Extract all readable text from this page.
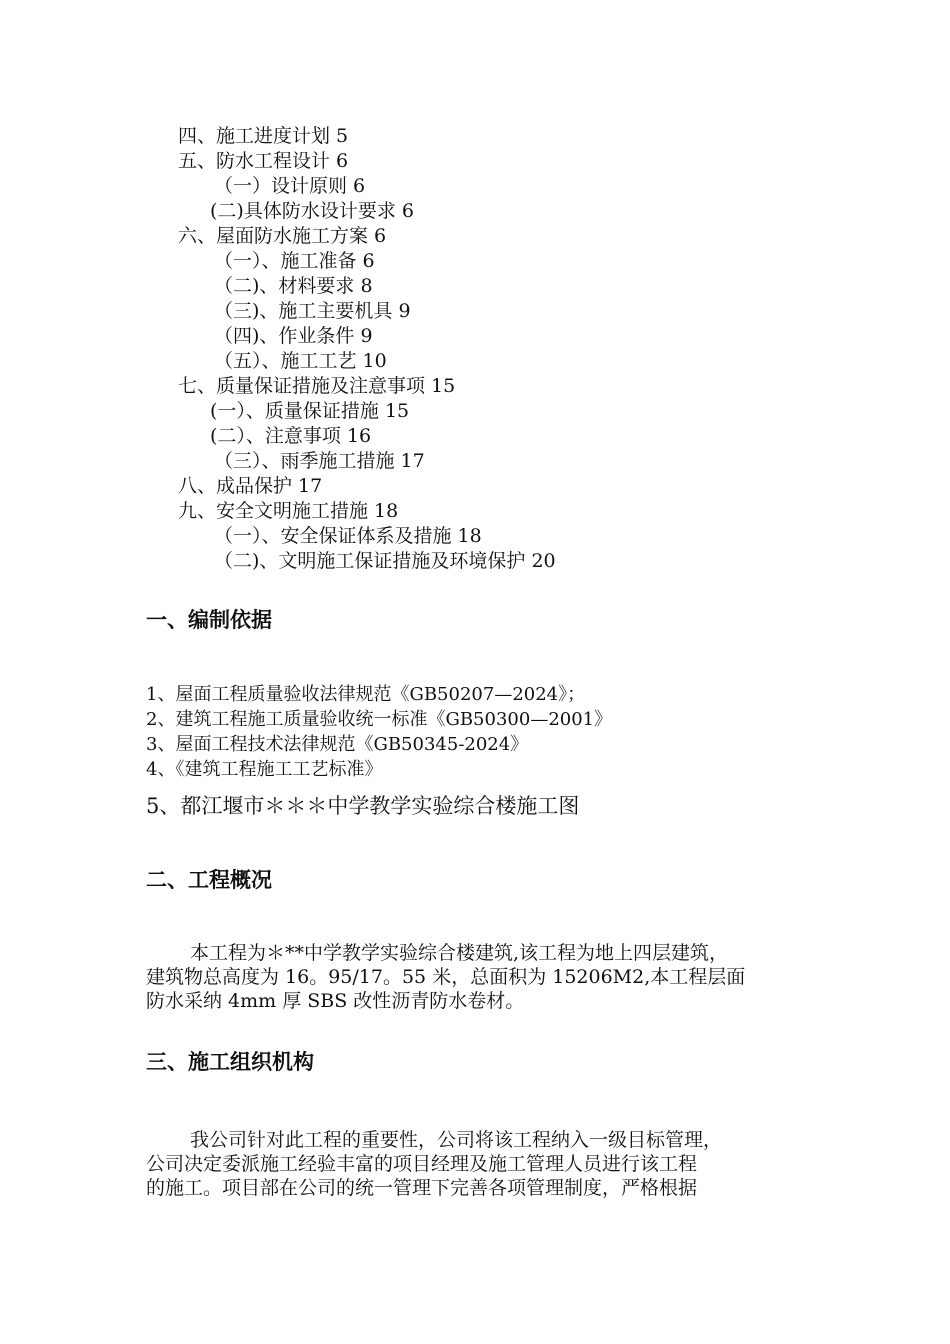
四、施工进度计划 5
五、防水工程设计 6
（一）设计原则 6
(二)具体防水设计要求 6
六、屋面防水施工方案 6
（一）、施工准备 6
（二)、材料要求 8
（三)、施工主要机具 9
（四)、作业条件 9
（五）、施工工艺 10
七、质量保证措施及注意事项 15
(一）、质量保证措施 15
(二）、注意事项 16
（三）、雨季施工措施 17
八、成品保护 17
九、安全文明施工措施 18
（一）、安全保证体系及措施 18
（二)、文明施工保证措施及环境保护 20
一、编制依据
1、屋面工程质量验收法律规范《GB50207—2024》；
2、建筑工程施工质量验收统一标准《GB50300—2001》
3、屋面工程技术法律规范《GB50345-2024》
4、《建筑工程施工工艺标准》
5、都江堰市＊＊＊中学教学实验综合楼施工图
二、工程概况
本工程为＊**中学教学实验综合楼建筑,该工程为地上四层建筑，
建筑物总高度为 16。95/17。55 米，总面积为 15206M2,本工程层面
防水采纳 4mm 厚 SBS 改性沥青防水卷材。
三、施工组织机构
我公司针对此工程的重要性，公司将该工程纳入一级目标管理，
公司决定委派施工经验丰富的项目经理及施工管理人员进行该工程
的施工。项目部在公司的统一管理下完善各项管理制度，严格根据
